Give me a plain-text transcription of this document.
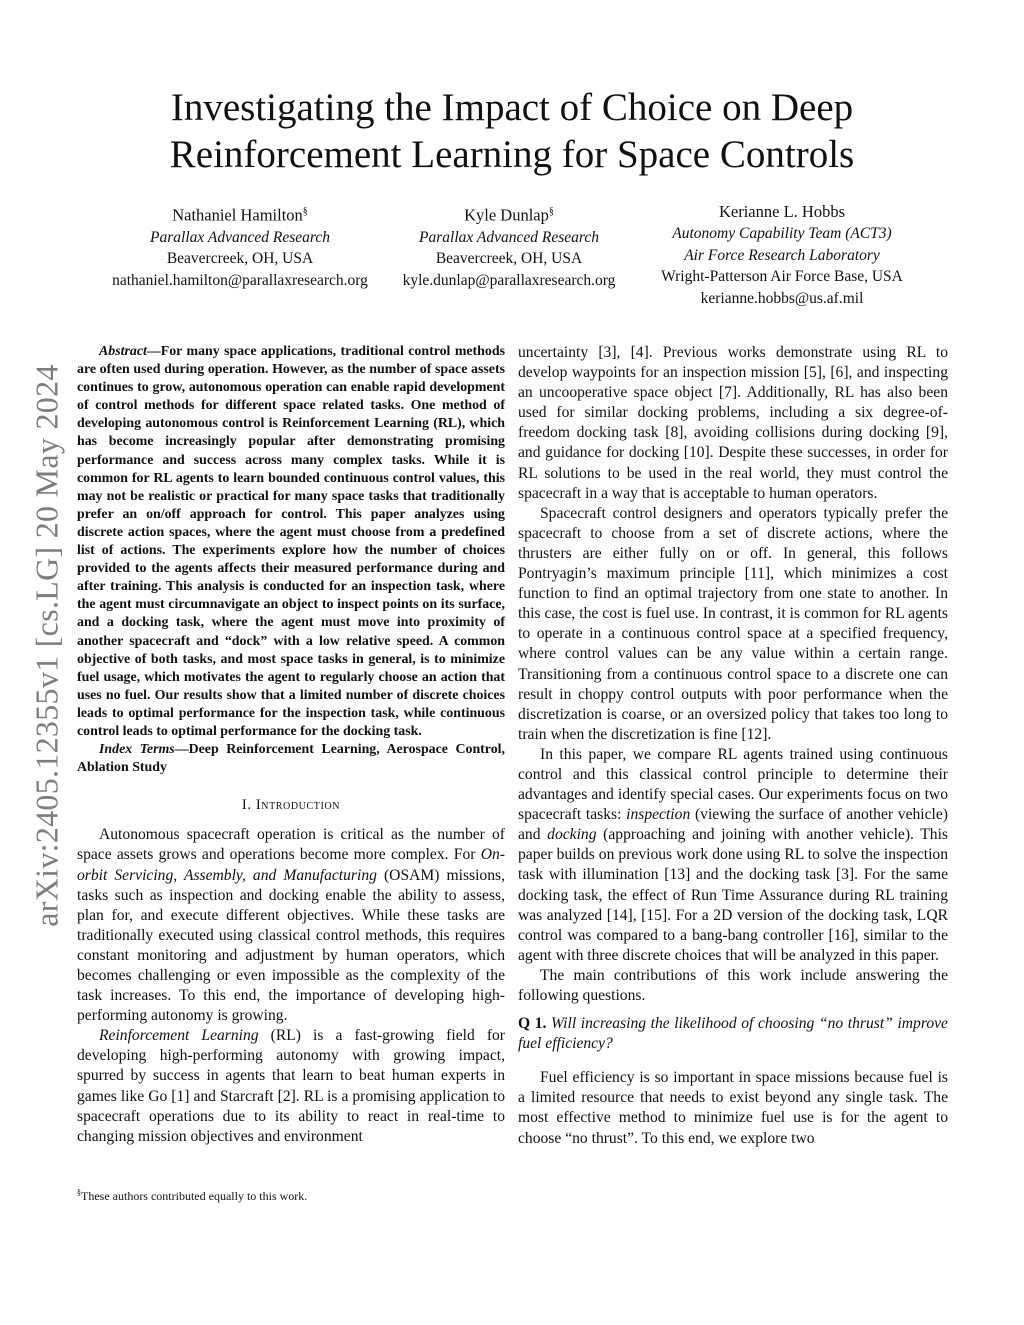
arXiv:2405.12355v1 [cs.LG] 20 May 2024
Investigating the Impact of Choice on Deep
Reinforcement Learning for Space Controls
Nathaniel Hamilton§
Parallax Advanced Research
Beavercreek, OH, USA
nathaniel.hamilton@parallaxresearch.org
Kyle Dunlap§
Parallax Advanced Research
Beavercreek, OH, USA
kyle.dunlap@parallaxresearch.org
Kerianne L. Hobbs
Autonomy Capability Team (ACT3)
Air Force Research Laboratory
Wright-Patterson Air Force Base, USA
kerianne.hobbs@us.af.mil

Abstract—For many space applications, traditional control methods are often used during operation. However, as the number of space assets continues to grow, autonomous operation can enable rapid development of control methods for different space related tasks. One method of developing autonomous control is Reinforcement Learning (RL), which has become increasingly popular after demonstrating promising performance and success across many complex tasks. While it is common for RL agents to learn bounded continuous control values, this may not be realistic or practical for many space tasks that traditionally prefer an on/off approach for control. This paper analyzes using discrete action spaces, where the agent must choose from a predefined list of actions. The experiments explore how the number of choices provided to the agents affects their measured performance during and after training. This analysis is conducted for an inspection task, where the agent must circumnavigate an object to inspect points on its surface, and a docking task, where the agent must move into proximity of another spacecraft and “dock” with a low relative speed. A common objective of both tasks, and most space tasks in general, is to minimize fuel usage, which motivates the agent to regularly choose an action that uses no fuel. Our results show that a limited number of discrete choices leads to optimal performance for the inspection task, while continuous control leads to optimal performance for the docking task.

Index Terms—Deep Reinforcement Learning, Aerospace Control, Ablation Study

I. Introduction

Autonomous spacecraft operation is critical as the number of space assets grows and operations become more complex. For On-orbit Servicing, Assembly, and Manufacturing (OSAM) missions, tasks such as inspection and docking enable the ability to assess, plan for, and execute different objectives. While these tasks are traditionally executed using classical control methods, this requires constant monitoring and adjustment by human operators, which becomes challenging or even impossible as the complexity of the task increases. To this end, the importance of developing high-performing autonomy is growing.

Reinforcement Learning (RL) is a fast-growing field for developing high-performing autonomy with growing impact, spurred by success in agents that learn to beat human experts in games like Go [1] and Starcraft [2]. RL is a promising application to spacecraft operations due to its ability to react in real-time to changing mission objectives and environment

§These authors contributed equally to this work.

uncertainty [3], [4]. Previous works demonstrate using RL to develop waypoints for an inspection mission [5], [6], and inspecting an uncooperative space object [7]. Additionally, RL has also been used for similar docking problems, including a six degree-of-freedom docking task [8], avoiding collisions during docking [9], and guidance for docking [10]. Despite these successes, in order for RL solutions to be used in the real world, they must control the spacecraft in a way that is acceptable to human operators.

Spacecraft control designers and operators typically prefer the spacecraft to choose from a set of discrete actions, where the thrusters are either fully on or off. In general, this follows Pontryagin’s maximum principle [11], which minimizes a cost function to find an optimal trajectory from one state to another. In this case, the cost is fuel use. In contrast, it is common for RL agents to operate in a continuous control space at a specified frequency, where control values can be any value within a certain range. Transitioning from a continuous control space to a discrete one can result in choppy control outputs with poor performance when the discretization is coarse, or an oversized policy that takes too long to train when the discretization is fine [12].

In this paper, we compare RL agents trained using continuous control and this classical control principle to determine their advantages and identify special cases. Our experiments focus on two spacecraft tasks: inspection (viewing the surface of another vehicle) and docking (approaching and joining with another vehicle). This paper builds on previous work done using RL to solve the inspection task with illumination [13] and the docking task [3]. For the same docking task, the effect of Run Time Assurance during RL training was analyzed [14], [15]. For a 2D version of the docking task, LQR control was compared to a bang-bang controller [16], similar to the agent with three discrete choices that will be analyzed in this paper.

The main contributions of this work include answering the following questions.

Q 1. Will increasing the likelihood of choosing “no thrust” improve fuel efficiency?

Fuel efficiency is so important in space missions because fuel is a limited resource that needs to exist beyond any single task. The most effective method to minimize fuel use is for the agent to choose “no thrust”. To this end, we explore two
